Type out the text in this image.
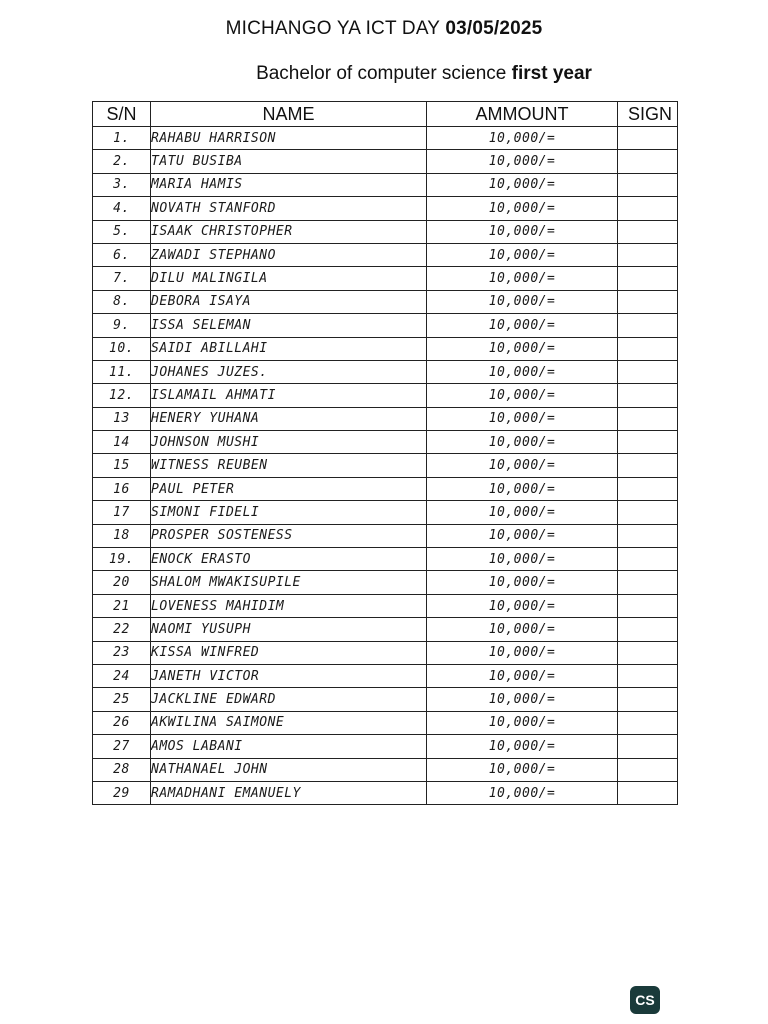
MICHANGO YA ICT DAY 03/05/2025
Bachelor of computer science first year
S/N	NAME	AMMOUNT	SIGN
1.	RAHABU HARRISON	10,000/=	
2.	TATU BUSIBA	10,000/=	
3.	MARIA HAMIS	10,000/=	
4.	NOVATH STANFORD	10,000/=	
5.	ISAAK CHRISTOPHER	10,000/=	
6.	ZAWADI STEPHANO	10,000/=	
7.	DILU MALINGILA	10,000/=	
8.	DEBORA ISAYA	10,000/=	
9.	ISSA SELEMAN	10,000/=	
10.	SAIDI ABILLAHI	10,000/=	
11.	JOHANES JUZES.	10,000/=	
12.	ISLAMAIL AHMATI	10,000/=	
13	HENERY YUHANA	10,000/=	
14	JOHNSON MUSHI	10,000/=	
15	WITNESS REUBEN	10,000/=	
16	PAUL PETER	10,000/=	
17	SIMONI FIDELI	10,000/=	
18	PROSPER SOSTENESS	10,000/=	
19.	ENOCK ERASTO	10,000/=	
20	SHALOM MWAKISUPILE	10,000/=	
21	LOVENESS MAHIDIM	10,000/=	
22	NAOMI YUSUPH	10,000/=	
23	KISSA WINFRED	10,000/=	
24	JANETH VICTOR	10,000/=	
25	JACKLINE EDWARD	10,000/=	
26	AKWILINA SAIMONE	10,000/=	
27	AMOS LABANI	10,000/=	
28	NATHANAEL JOHN	10,000/=	
29	RAMADHANI EMANUELY	10,000/=	
CS
